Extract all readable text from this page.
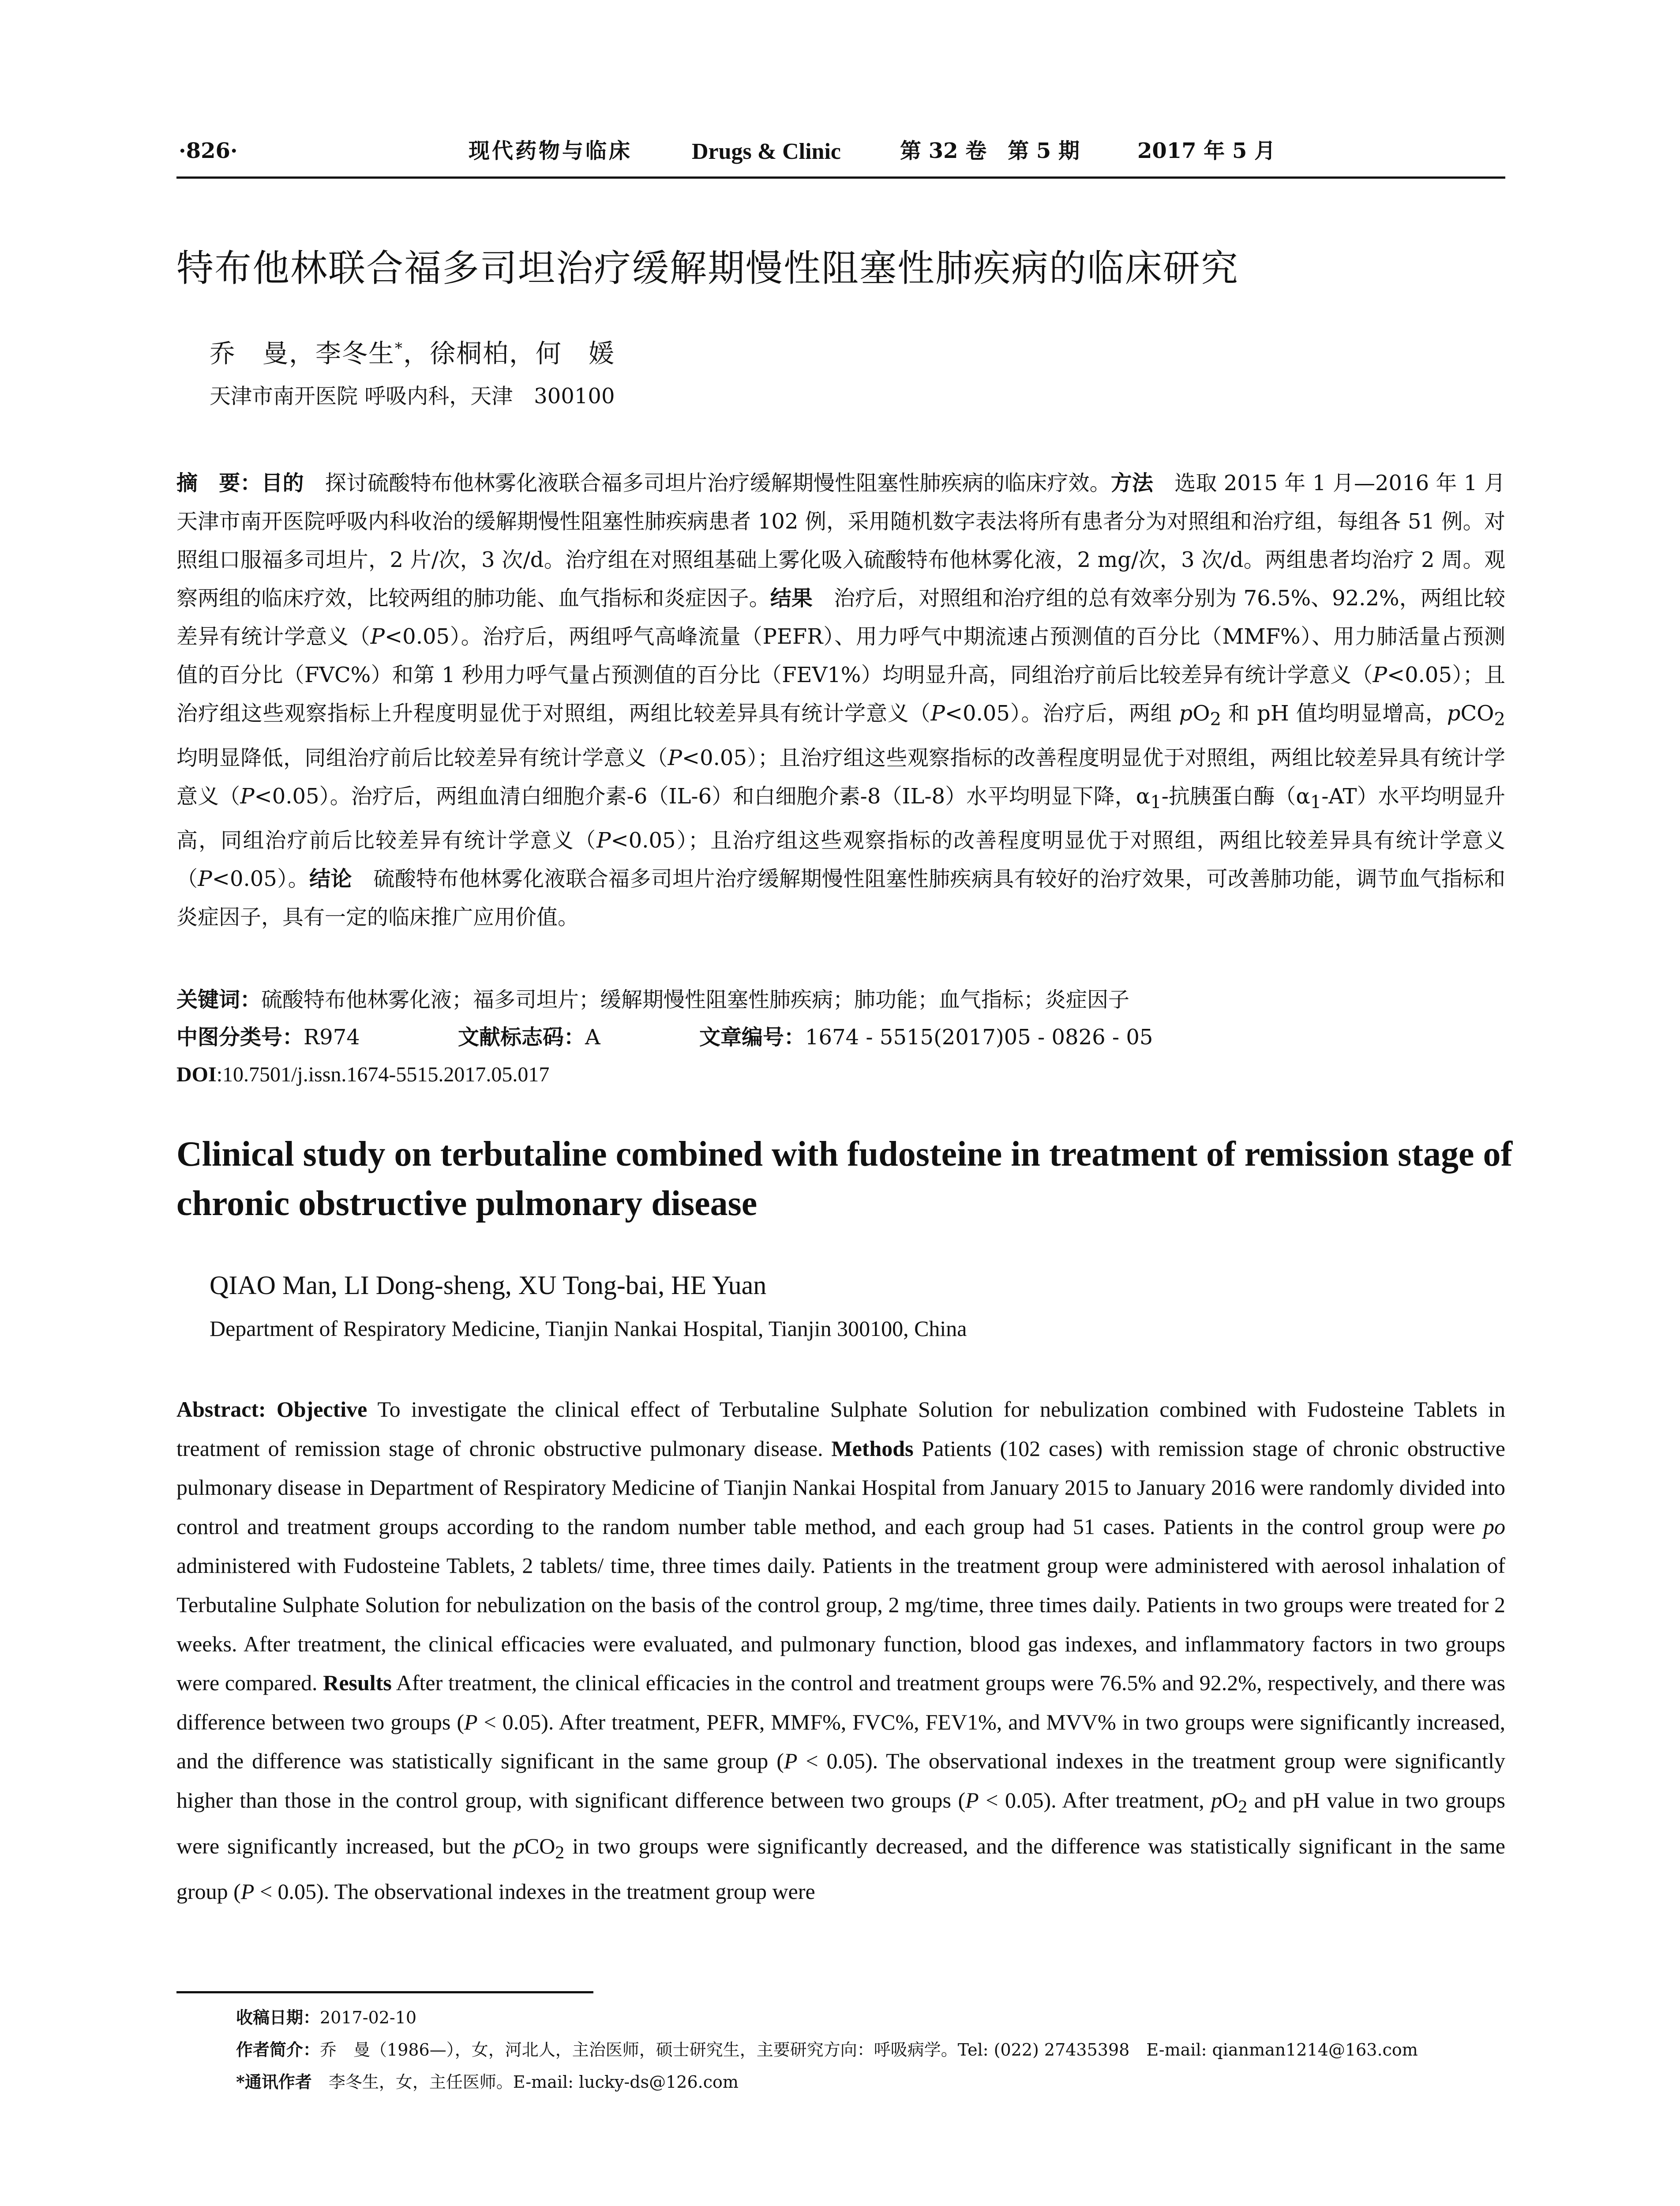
·826·	现代药物与临床	Drugs & Clinic	第 32 卷　第 5 期	2017 年 5 月
特布他林联合福多司坦治疗缓解期慢性阻塞性肺疾病的临床研究
乔　曼，李冬生*，徐桐柏，何　媛
天津市南开医院 呼吸内科，天津　300100
摘　要：目的　探讨硫酸特布他林雾化液联合福多司坦片治疗缓解期慢性阻塞性肺疾病的临床疗效。方法　选取 2015 年 1 月—2016 年 1 月天津市南开医院呼吸内科收治的缓解期慢性阻塞性肺疾病患者 102 例，采用随机数字表法将所有患者分为对照组和治疗组，每组各 51 例。对照组口服福多司坦片，2 片/次，3 次/d。治疗组在对照组基础上雾化吸入硫酸特布他林雾化液，2 mg/次，3 次/d。两组患者均治疗 2 周。观察两组的临床疗效，比较两组的肺功能、血气指标和炎症因子。结果　治疗后，对照组和治疗组的总有效率分别为 76.5%、92.2%，两组比较差异有统计学意义（P<0.05）。治疗后，两组呼气高峰流量（PEFR）、用力呼气中期流速占预测值的百分比（MMF%）、用力肺活量占预测值的百分比（FVC%）和第 1 秒用力呼气量占预测值的百分比（FEV1%）均明显升高，同组治疗前后比较差异有统计学意义（P<0.05）；且治疗组这些观察指标上升程度明显优于对照组，两组比较差异具有统计学意义（P<0.05）。治疗后，两组 $pO_2$ 和 pH 值均明显增高，pCO$_2$ 均明显降低，同组治疗前后比较差异有统计学意义（P<0.05）；且治疗组这些观察指标的改善程度明显优于对照组，两组比较差异具有统计学意义（P<0.05）。治疗后，两组血清白细胞介素-6（IL-6）和白细胞介素-8（IL-8）水平均明显下降，$\alpha_1-$抗胰蛋白酶$(\alpha_1-AT)$水平均明显升高，同组治疗前后比较差异有统计学意义（P<0.05）；且治疗组这些观察指标的改善程度明显优于对照组，两组比较差异具有统计学意义（P<0.05）。结论　硫酸特布他林雾化液联合福多司坦片治疗缓解期慢性阻塞性肺疾病具有较好的治疗效果，可改善肺功能，调节血气指标和炎症因子，具有一定的临床推广应用价值。
关键词：硫酸特布他林雾化液；福多司坦片；缓解期慢性阻塞性肺疾病；肺功能；血气指标；炎症因子
中图分类号：R974	文献标志码：A	文章编号：1674 - 5515(2017)05 - 0826 - 05
DOI:10.7501/j.issn.1674-5515.2017.05.017
Clinical study on terbutaline combined with fudosteine in treatment of remission stage of chronic obstructive pulmonary disease
QIAO Man, LI Dong-sheng, XU Tong-bai, HE Yuan
Department of Respiratory Medicine, Tianjin Nankai Hospital, Tianjin 300100, China
Abstract: Objective To investigate the clinical effect of Terbutaline Sulphate Solution for nebulization combined with Fudosteine Tablets in treatment of remission stage of chronic obstructive pulmonary disease. Methods Patients (102 cases) with remission stage of chronic obstructive pulmonary disease in Department of Respiratory Medicine of Tianjin Nankai Hospital from January 2015 to January 2016 were randomly divided into control and treatment groups according to the random number table method, and each group had 51 cases. Patients in the control group were po administered with Fudosteine Tablets, 2 tablets/ time, three times daily. Patients in the treatment group were administered with aerosol inhalation of Terbutaline Sulphate Solution for nebulization on the basis of the control group, 2 mg/time, three times daily. Patients in two groups were treated for 2 weeks. After treatment, the clinical efficacies were evaluated, and pulmonary function, blood gas indexes, and inflammatory factors in two groups were compared. Results After treatment, the clinical efficacies in the control and treatment groups were 76.5% and 92.2%, respectively, and there was difference between two groups (P < 0.05). After treatment, PEFR, MMF%, FVC%, FEV1%, and MVV% in two groups were significantly increased, and the difference was statistically significant in the same group (P < 0.05). The observational indexes in the treatment group were significantly higher than those in the control group, with significant difference between two groups (P < 0.05). After treatment, $pO_2$ and pH value in two groups were significantly increased, but the pCO$_2$ in two groups were significantly decreased, and the difference was statistically significant in the same group (P < 0.05). The observational indexes in the treatment group were
收稿日期：2017-02-10
作者简介：乔　曼（1986—），女，河北人，主治医师，硕士研究生，主要研究方向：呼吸病学。Tel: (022) 27435398　E-mail: qianman1214@163.com
*通讯作者　李冬生，女，主任医师。E-mail: lucky-ds@126.com
